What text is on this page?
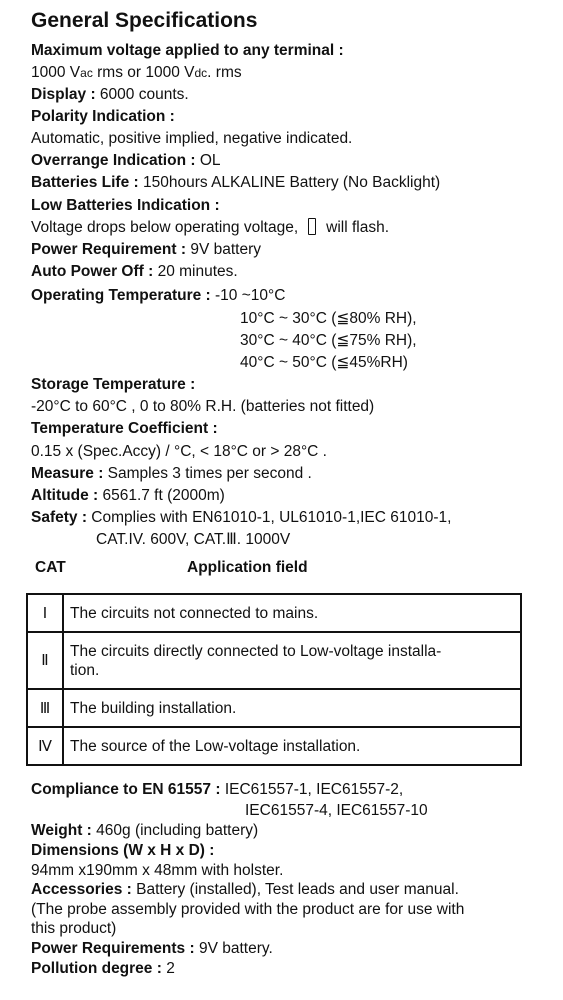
General Specifications
Maximum voltage applied to any terminal :
1000 Vac rms or 1000 Vdc. rms
Display : 6000 counts.
Polarity Indication :
Automatic, positive implied, negative indicated.
Overrange Indication : OL
Batteries Life : 150hours ALKALINE Battery (No Backlight)
Low Batteries Indication :
Voltage drops below operating voltage, will flash.
Power Requirement : 9V battery
Auto Power Off : 20 minutes.
Operating Temperature : -10 ~10°C
10°C ~ 30°C (≦80% RH),
30°C ~ 40°C (≦75% RH),
40°C ~ 50°C (≦45%RH)
Storage Temperature :
-20°C to 60°C , 0 to 80% R.H. (batteries not fitted)
Temperature Coefficient :
0.15 x (Spec.Accy) / °C, < 18°C or > 28°C .
Measure : Samples 3 times per second .
Altitude : 6561.7 ft (2000m)
Safety : Complies with EN61010-1, UL61010-1,IEC 61010-1,
CAT.IV. 600V, CAT.Ⅲ. 1000V
CAT	Application field
Ⅰ	The circuits not connected to mains.
Ⅱ	The circuits directly connected to Low-voltage installa-
tion.
Ⅲ	The building installation.
Ⅳ	The source of the Low-voltage installation.
Compliance to EN 61557 : IEC61557-1, IEC61557-2,
IEC61557-4, IEC61557-10
Weight : 460g (including battery)
Dimensions (W x H x D) :
94mm x190mm x 48mm with holster.
Accessories : Battery (installed), Test leads and user manual.
(The probe assembly provided with the product are for use with
this product)
Power Requirements : 9V battery.
Pollution degree : 2
